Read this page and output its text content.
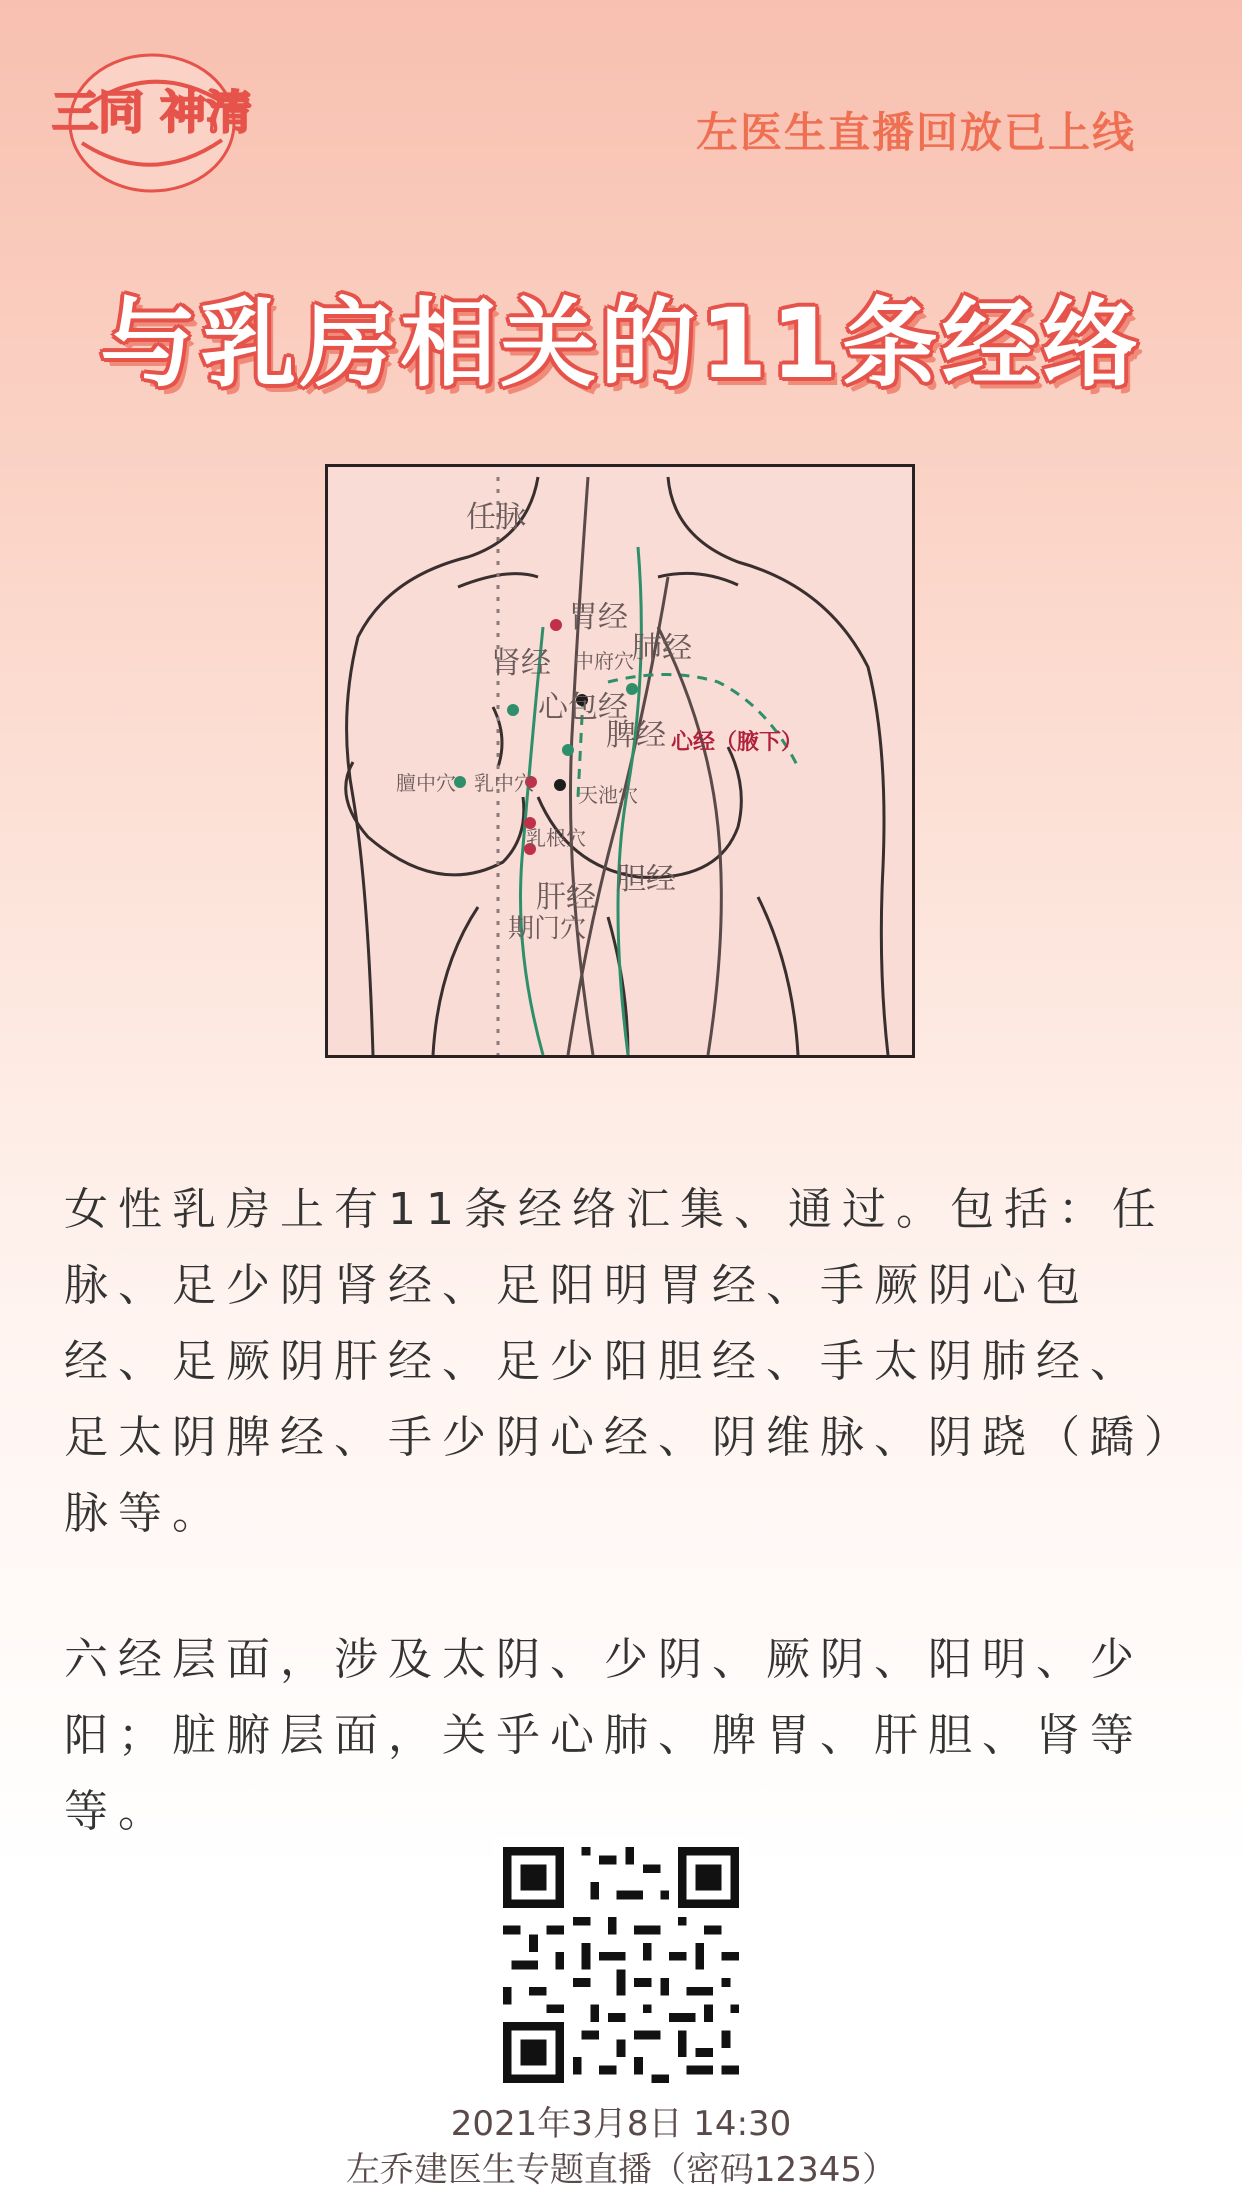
三同 神清	左医生直播回放已上线
与乳房相关的11条经络
任脉
胃经
肾经 中府穴
肺经
心包经
脾经 心经（腋下）
膻中穴 乳中穴 天池穴
乳根穴
胆经
肝经
期门穴
女性乳房上有11条经络汇集、通过。包括：任脉、足少阴肾经、足阳明胃经、手厥阴心包经、足厥阴肝经、足少阳胆经、手太阴肺经、足太阴脾经、手少阴心经、阴维脉、阴跷（蹻）脉等。
六经层面，涉及太阴、少阴、厥阴、阳明、少阳；脏腑层面，关乎心肺、脾胃、肝胆、肾等等。
2021年3月8日 14:30
左乔建医生专题直播（密码12345）
